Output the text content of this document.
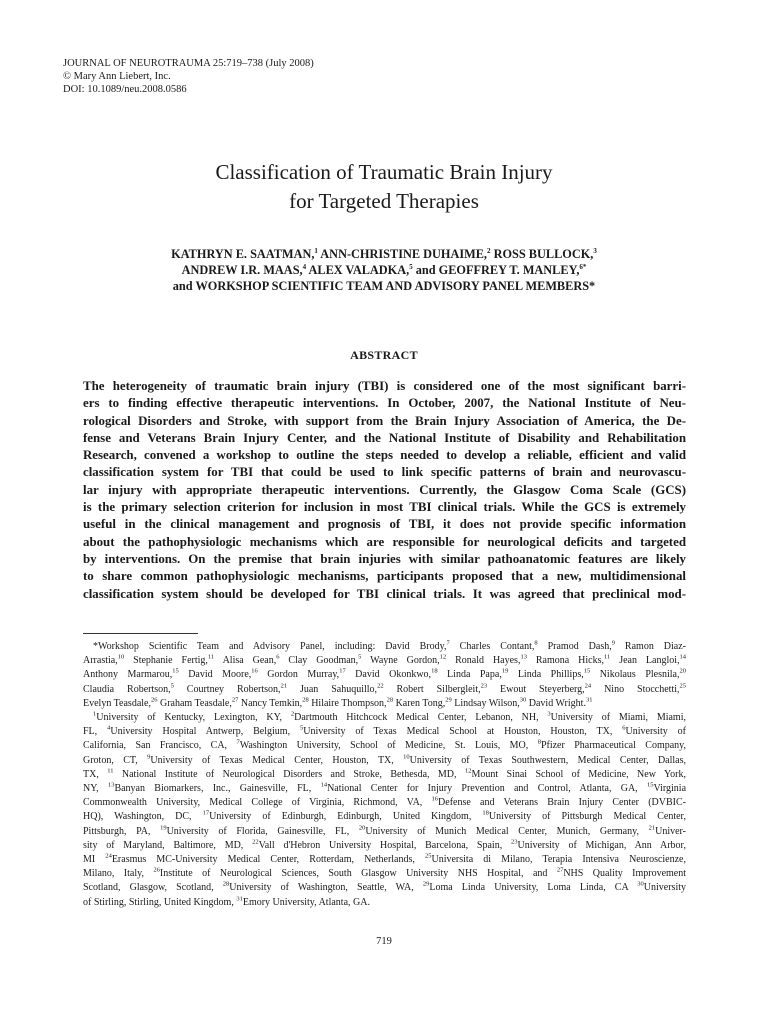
JOURNAL OF NEUROTRAUMA 25:719–738 (July 2008)
© Mary Ann Liebert, Inc.
DOI: 10.1089/neu.2008.0586
Classification of Traumatic Brain Injury
for Targeted Therapies
KATHRYN E. SAATMAN,$^1$ ANN-CHRISTINE DUHAIME,$^2$ ROSS BULLOCK,$^3$
ANDREW I.R. MAAS,$^4$ ALEX VALADKA,$^5$ and GEOFFREY T. MANLEY,$^{6*}$
and WORKSHOP SCIENTIFIC TEAM AND ADVISORY PANEL MEMBERS*
ABSTRACT
The heterogeneity of traumatic brain injury (TBI) is considered one of the most significant barri-
ers to finding effective therapeutic interventions. In October, 2007, the National Institute of Neu-
rological Disorders and Stroke, with support from the Brain Injury Association of America, the De-
fense and Veterans Brain Injury Center, and the National Institute of Disability and Rehabilitation
Research, convened a workshop to outline the steps needed to develop a reliable, efficient and valid
classification system for TBI that could be used to link specific patterns of brain and neurovascu-
lar injury with appropriate therapeutic interventions. Currently, the Glasgow Coma Scale (GCS)
is the primary selection criterion for inclusion in most TBI clinical trials. While the GCS is extremely
useful in the clinical management and prognosis of TBI, it does not provide specific information
about the pathophysiologic mechanisms which are responsible for neurological deficits and targeted
by interventions. On the premise that brain injuries with similar pathoanatomic features are likely
to share common pathophysiologic mechanisms, participants proposed that a new, multidimensional
classification system should be developed for TBI clinical trials. It was agreed that preclinical mod-
*Workshop Scientific Team and Advisory Panel, including: David Brody,$^7$ Charles Contant,$^8$ Pramod Dash,$^9$ Ramon Diaz-
Arrastia,$^{10}$ Stephanie Fertig,$^{11}$ Alisa Gean,$^6$ Clay Goodman,$^5$ Wayne Gordon,$^{12}$ Ronald Hayes,$^{13}$ Ramona Hicks,$^{11}$ Jean Langloi,$^{14}$
Anthony Marmarou,$^{15}$ David Moore,$^{16}$ Gordon Murray,$^{17}$ David Okonkwo,$^{18}$ Linda Papa,$^{19}$ Linda Phillips,$^{15}$ Nikolaus Plesnila,$^{20}$
Claudia Robertson,$^5$ Courtney Robertson,$^{21}$ Juan Sahuquillo,$^{22}$ Robert Silbergleit,$^{23}$ Ewout Steyerberg,$^{24}$ Nino Stocchetti,$^{25}$
Evelyn Teasdale,$^{26}$ Graham Teasdale,$^{27}$ Nancy Temkin,$^{28}$ Hilaire Thompson,$^{28}$ Karen Tong,$^{29}$ Lindsay Wilson,$^{30}$ David Wright.$^{31}$
$^1$University of Kentucky, Lexington, KY, $^2$Dartmouth Hitchcock Medical Center, Lebanon, NH, $^3$University of Miami, Miami,
FL, $^4$University Hospital Antwerp, Belgium, $^5$University of Texas Medical School at Houston, Houston, TX, $^6$University of
California, San Francisco, CA, $^7$Washington University, School of Medicine, St. Louis, MO, $^8$Pfizer Pharmaceutical Company,
Groton, CT, $^9$University of Texas Medical Center, Houston, TX, $^{10}$University of Texas Southwestern, Medical Center, Dallas,
TX, $^{11}$ National Institute of Neurological Disorders and Stroke, Bethesda, MD, $^{12}$Mount Sinai School of Medicine, New York,
NY, $^{13}$Banyan Biomarkers, Inc., Gainesville, FL, $^{14}$National Center for Injury Prevention and Control, Atlanta, GA, $^{15}$Virginia
Commonwealth University, Medical College of Virginia, Richmond, VA, $^{16}$Defense and Veterans Brain Injury Center (DVBIC-
HQ), Washington, DC, $^{17}$University of Edinburgh, Edinburgh, United Kingdom, $^{18}$University of Pittsburgh Medical Center,
Pittsburgh, PA, $^{19}$University of Florida, Gainesville, FL, $^{20}$University of Munich Medical Center, Munich, Germany, $^{21}$Univer-
sity of Maryland, Baltimore, MD, $^{22}$Vall d'Hebron University Hospital, Barcelona, Spain, $^{23}$University of Michigan, Ann Arbor,
MI $^{24}$Erasmus MC-University Medical Center, Rotterdam, Netherlands, $^{25}$Universita di Milano, Terapia Intensiva Neuroscienze,
Milano, Italy, $^{26}$Institute of Neurological Sciences, South Glasgow University NHS Hospital, and $^{27}$NHS Quality Improvement
Scotland, Glasgow, Scotland, $^{28}$University of Washington, Seattle, WA, $^{29}$Loma Linda University, Loma Linda, CA $^{30}$University
of Stirling, Stirling, United Kingdom, $^{31}$Emory University, Atlanta, GA.
719
